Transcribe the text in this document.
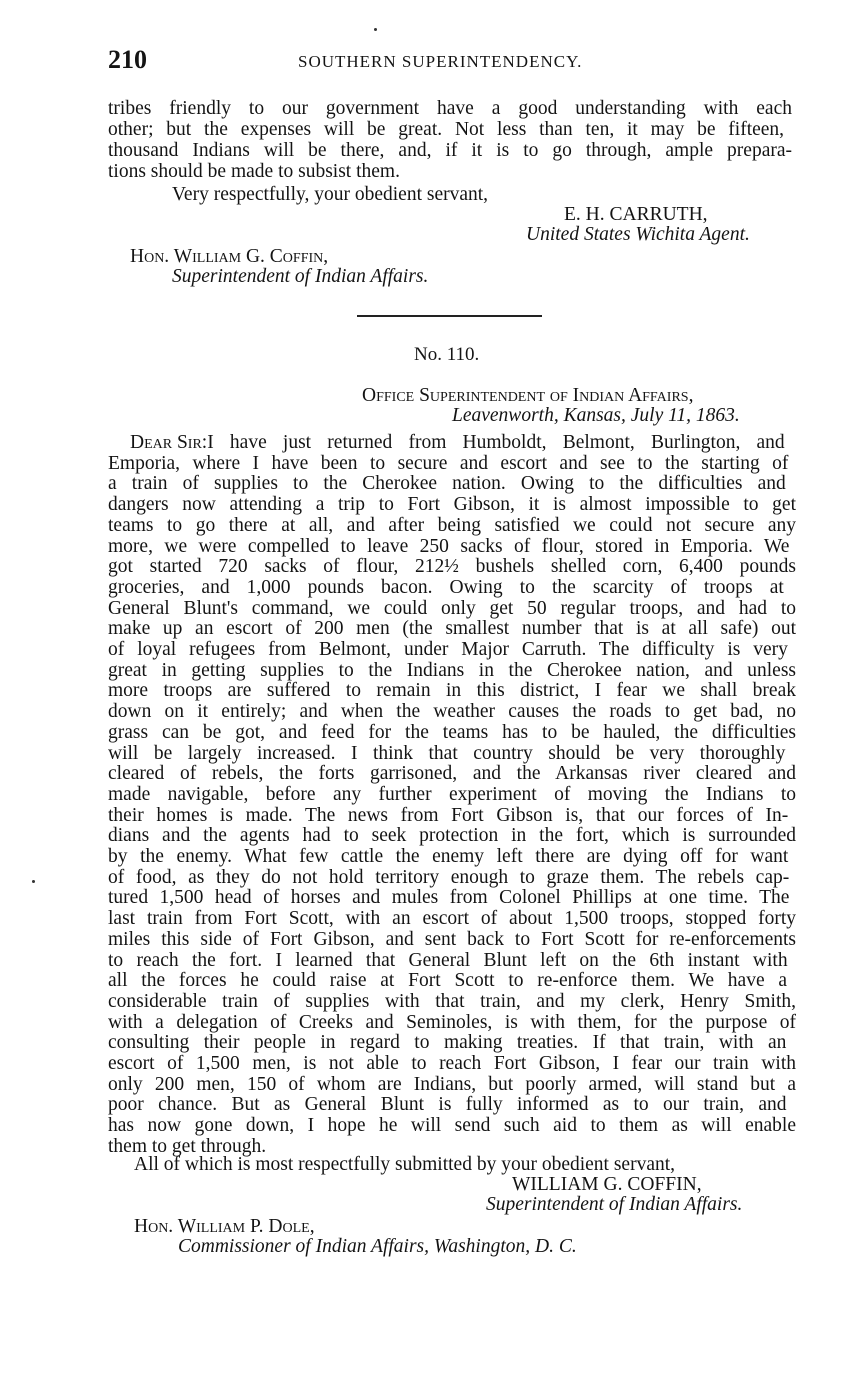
210	SOUTHERN SUPERINTENDENCY.
tribes friendly to our government have a good understanding with each
other; but the expenses will be great. Not less than ten, it may be fifteen,
thousand Indians will be there, and, if it is to go through, ample prepara-
tions should be made to subsist them.
Very respectfully, your obedient servant,
E. H. CARRUTH,
United States Wichita Agent.
Hon. William G. Coffin,
Superintendent of Indian Affairs.
No. 110.
Office Superintendent of Indian Affairs,
Leavenworth, Kansas, July 11, 1863.
Dear Sir: I have just returned from Humboldt, Belmont, Burlington, and
Emporia, where I have been to secure and escort and see to the starting of
a train of supplies to the Cherokee nation. Owing to the difficulties and
dangers now attending a trip to Fort Gibson, it is almost impossible to get
teams to go there at all, and after being satisfied we could not secure any
more, we were compelled to leave 250 sacks of flour, stored in Emporia. We
got started 720 sacks of flour, 212½ bushels shelled corn, 6,400 pounds
groceries, and 1,000 pounds bacon. Owing to the scarcity of troops at
General Blunt's command, we could only get 50 regular troops, and had to
make up an escort of 200 men (the smallest number that is at all safe) out
of loyal refugees from Belmont, under Major Carruth. The difficulty is very
great in getting supplies to the Indians in the Cherokee nation, and unless
more troops are suffered to remain in this district, I fear we shall break
down on it entirely; and when the weather causes the roads to get bad, no
grass can be got, and feed for the teams has to be hauled, the difficulties
will be largely increased. I think that country should be very thoroughly
cleared of rebels, the forts garrisoned, and the Arkansas river cleared and
made navigable, before any further experiment of moving the Indians to
their homes is made. The news from Fort Gibson is, that our forces of In-
dians and the agents had to seek protection in the fort, which is surrounded
by the enemy. What few cattle the enemy left there are dying off for want
of food, as they do not hold territory enough to graze them. The rebels cap-
tured 1,500 head of horses and mules from Colonel Phillips at one time. The
last train from Fort Scott, with an escort of about 1,500 troops, stopped forty
miles this side of Fort Gibson, and sent back to Fort Scott for re-enforcements
to reach the fort. I learned that General Blunt left on the 6th instant with
all the forces he could raise at Fort Scott to re-enforce them. We have a
considerable train of supplies with that train, and my clerk, Henry Smith,
with a delegation of Creeks and Seminoles, is with them, for the purpose of
consulting their people in regard to making treaties. If that train, with an
escort of 1,500 men, is not able to reach Fort Gibson, I fear our train with
only 200 men, 150 of whom are Indians, but poorly armed, will stand but a
poor chance. But as General Blunt is fully informed as to our train, and
has now gone down, I hope he will send such aid to them as will enable
them to get through.
All of which is most respectfully submitted by your obedient servant,
WILLIAM G. COFFIN,
Superintendent of Indian Affairs.
Hon. William P. Dole,
Commissioner of Indian Affairs, Washington, D. C.
